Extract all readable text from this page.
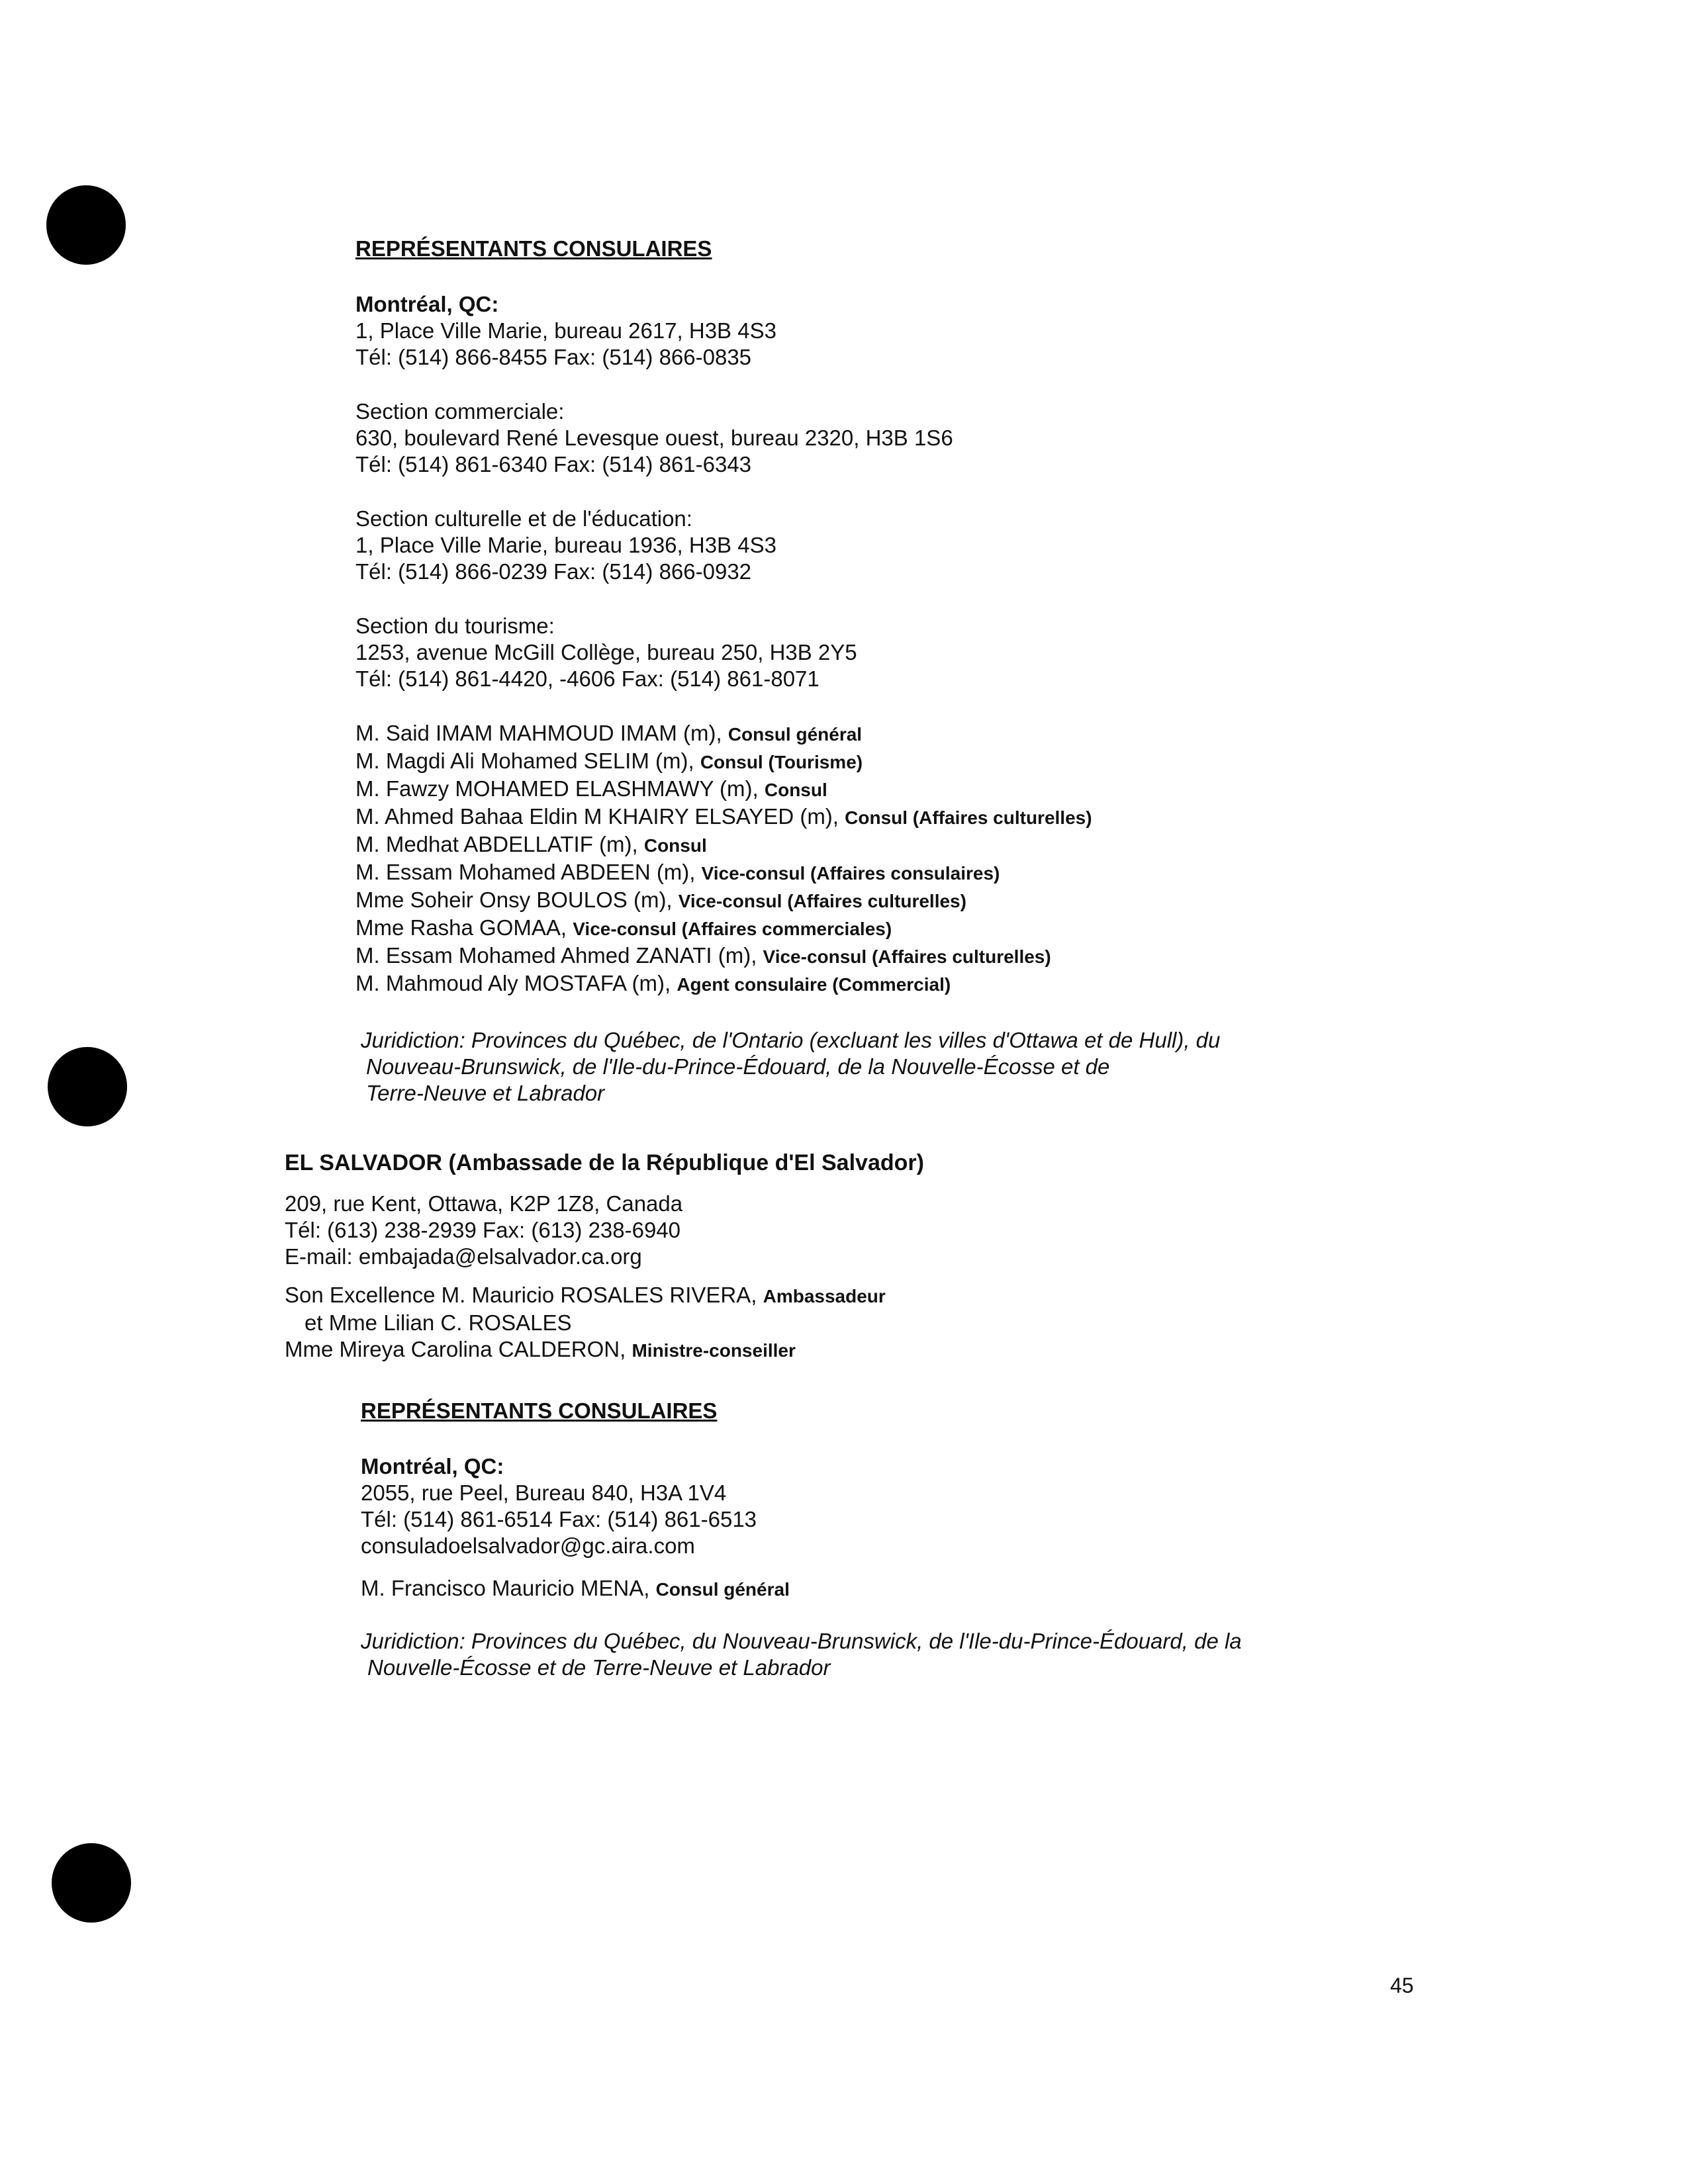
REPRÉSENTANTS CONSULAIRES
Montréal, QC:
1, Place Ville Marie, bureau 2617, H3B 4S3
Tél: (514) 866-8455 Fax: (514) 866-0835
Section commerciale:
630, boulevard René Levesque ouest, bureau 2320, H3B 1S6
Tél: (514) 861-6340 Fax: (514) 861-6343
Section culturelle et de l'éducation:
1, Place Ville Marie, bureau 1936, H3B 4S3
Tél: (514) 866-0239 Fax: (514) 866-0932
Section du tourisme:
1253, avenue McGill Collège, bureau 250, H3B 2Y5
Tél: (514) 861-4420, -4606 Fax: (514) 861-8071
M. Said IMAM MAHMOUD IMAM (m), Consul général
M. Magdi Ali Mohamed SELIM (m), Consul (Tourisme)
M. Fawzy MOHAMED ELASHMAWY (m), Consul
M. Ahmed Bahaa Eldin M KHAIRY ELSAYED (m), Consul (Affaires culturelles)
M. Medhat ABDELLATIF (m), Consul
M. Essam Mohamed ABDEEN (m), Vice-consul (Affaires consulaires)
Mme Soheir Onsy BOULOS (m), Vice-consul (Affaires culturelles)
Mme Rasha GOMAA, Vice-consul (Affaires commerciales)
M. Essam Mohamed Ahmed ZANATI (m), Vice-consul (Affaires culturelles)
M. Mahmoud Aly MOSTAFA (m), Agent consulaire (Commercial)
Juridiction: Provinces du Québec, de l'Ontario (excluant les villes d'Ottawa et de Hull), du
Nouveau-Brunswick, de l'Ile-du-Prince-Édouard, de la Nouvelle-Écosse et de
Terre-Neuve et Labrador
EL SALVADOR (Ambassade de la République d'El Salvador)
209, rue Kent, Ottawa, K2P 1Z8, Canada
Tél: (613) 238-2939 Fax: (613) 238-6940
E-mail: embajada@elsalvador.ca.org
Son Excellence M. Mauricio ROSALES RIVERA, Ambassadeur
et Mme Lilian C. ROSALES
Mme Mireya Carolina CALDERON, Ministre-conseiller
REPRÉSENTANTS CONSULAIRES
Montréal, QC:
2055, rue Peel, Bureau 840, H3A 1V4
Tél: (514) 861-6514 Fax: (514) 861-6513
consuladoelsalvador@gc.aira.com
M. Francisco Mauricio MENA, Consul général
Juridiction: Provinces du Québec, du Nouveau-Brunswick, de l'Ile-du-Prince-Édouard, de la
Nouvelle-Écosse et de Terre-Neuve et Labrador
45
